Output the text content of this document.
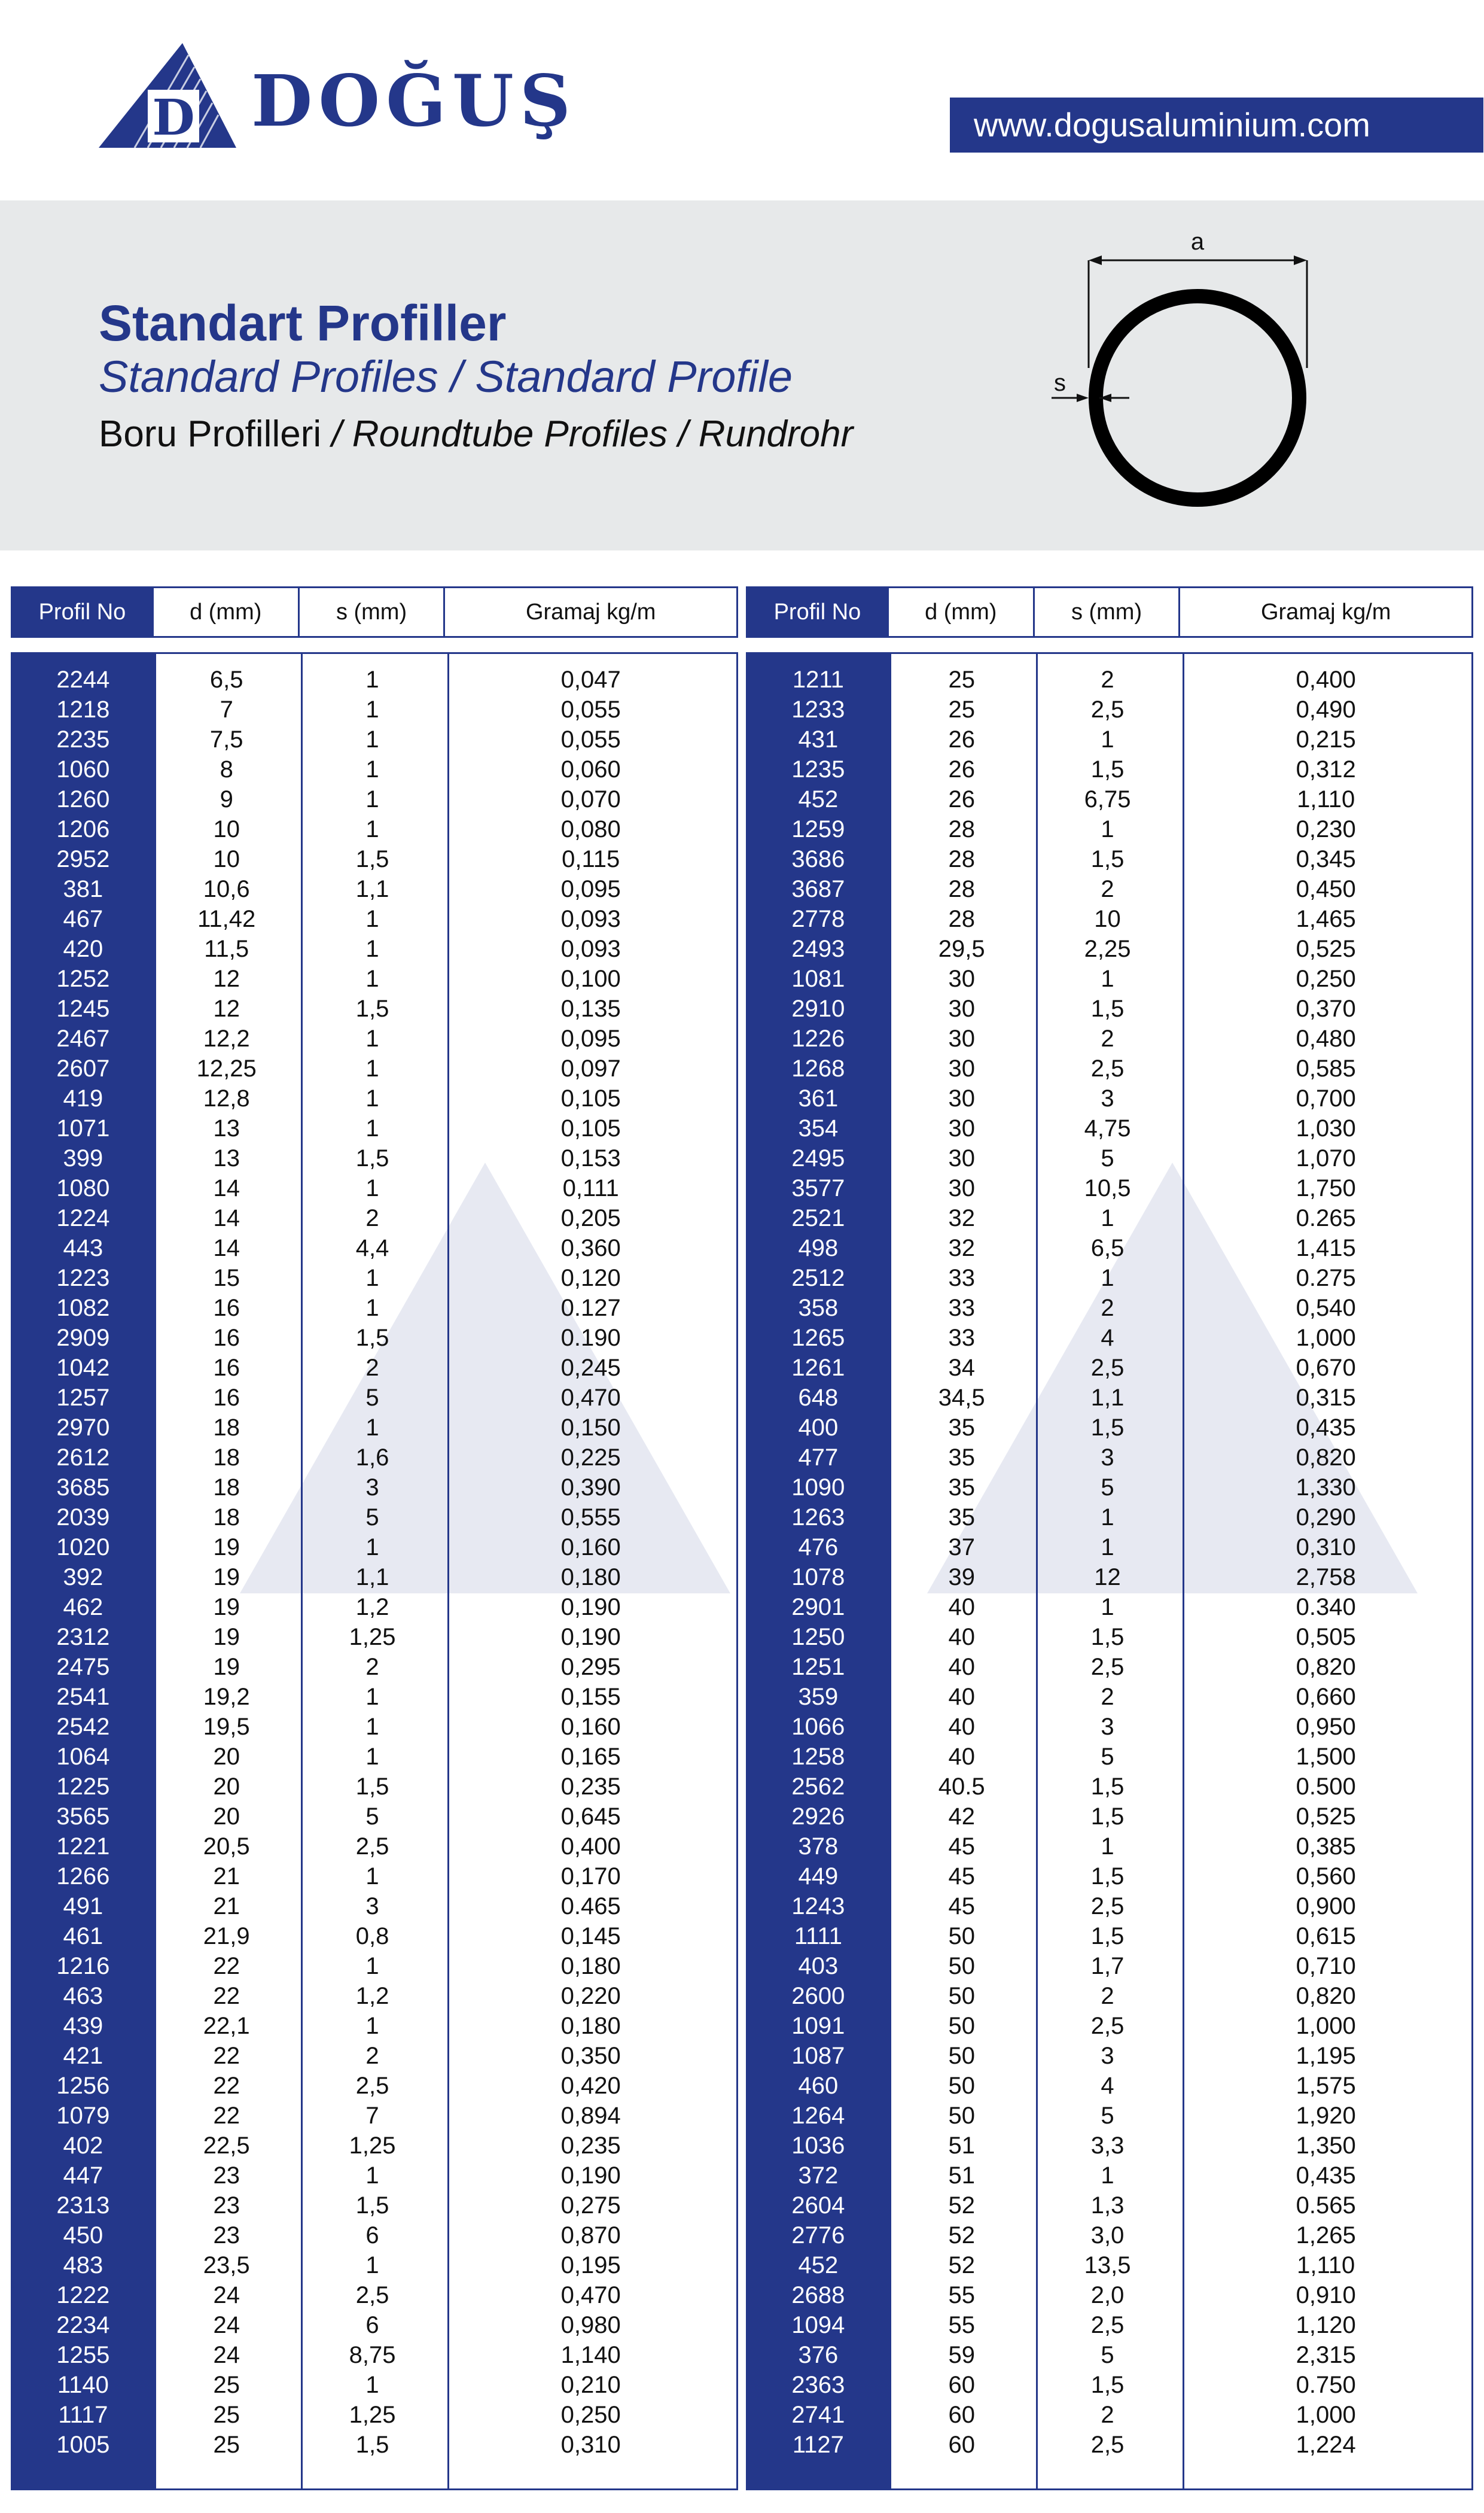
D DOĞUŞ	www.dogusaluminium.com
Standart Profiller
Standard Profiles / Standard Profile
Boru Profilleri / Roundtube Profiles / Rundrohr
a
s
Profil No	d (mm)	s (mm)	Gramaj kg/m
2244	6,5	1	0,047
1218	7	1	0,055
2235	7,5	1	0,055
1060	8	1	0,060
1260	9	1	0,070
1206	10	1	0,080
2952	10	1,5	0,115
381	10,6	1,1	0,095
467	11,42	1	0,093
420	11,5	1	0,093
1252	12	1	0,100
1245	12	1,5	0,135
2467	12,2	1	0,095
2607	12,25	1	0,097
419	12,8	1	0,105
1071	13	1	0,105
399	13	1,5	0,153
1080	14	1	0,111
1224	14	2	0,205
443	14	4,4	0,360
1223	15	1	0,120
1082	16	1	0.127
2909	16	1,5	0.190
1042	16	2	0,245
1257	16	5	0,470
2970	18	1	0,150
2612	18	1,6	0,225
3685	18	3	0,390
2039	18	5	0,555
1020	19	1	0,160
392	19	1,1	0,180
462	19	1,2	0,190
2312	19	1,25	0,190
2475	19	2	0,295
2541	19,2	1	0,155
2542	19,5	1	0,160
1064	20	1	0,165
1225	20	1,5	0,235
3565	20	5	0,645
1221	20,5	2,5	0,400
1266	21	1	0,170
491	21	3	0.465
461	21,9	0,8	0,145
1216	22	1	0,180
463	22	1,2	0,220
439	22,1	1	0,180
421	22	2	0,350
1256	22	2,5	0,420
1079	22	7	0,894
402	22,5	1,25	0,235
447	23	1	0,190
2313	23	1,5	0,275
450	23	6	0,870
483	23,5	1	0,195
1222	24	2,5	0,470
2234	24	6	0,980
1255	24	8,75	1,140
1140	25	1	0,210
1117	25	1,25	0,250
1005	25	1,5	0,310
Profil No	d (mm)	s (mm)	Gramaj kg/m
1211	25	2	0,400
1233	25	2,5	0,490
431	26	1	0,215
1235	26	1,5	0,312
452	26	6,75	1,110
1259	28	1	0,230
3686	28	1,5	0,345
3687	28	2	0,450
2778	28	10	1,465
2493	29,5	2,25	0,525
1081	30	1	0,250
2910	30	1,5	0,370
1226	30	2	0,480
1268	30	2,5	0,585
361	30	3	0,700
354	30	4,75	1,030
2495	30	5	1,070
3577	30	10,5	1,750
2521	32	1	0.265
498	32	6,5	1,415
2512	33	1	0.275
358	33	2	0,540
1265	33	4	1,000
1261	34	2,5	0,670
648	34,5	1,1	0,315
400	35	1,5	0,435
477	35	3	0,820
1090	35	5	1,330
1263	35	1	0,290
476	37	1	0,310
1078	39	12	2,758
2901	40	1	0.340
1250	40	1,5	0,505
1251	40	2,5	0,820
359	40	2	0,660
1066	40	3	0,950
1258	40	5	1,500
2562	40.5	1,5	0.500
2926	42	1,5	0,525
378	45	1	0,385
449	45	1,5	0,560
1243	45	2,5	0,900
1111	50	1,5	0,615
403	50	1,7	0,710
2600	50	2	0,820
1091	50	2,5	1,000
1087	50	3	1,195
460	50	4	1,575
1264	50	5	1,920
1036	51	3,3	1,350
372	51	1	0,435
2604	52	1,3	0.565
2776	52	3,0	1,265
452	52	13,5	1,110
2688	55	2,0	0,910
1094	55	2,5	1,120
376	59	5	2,315
2363	60	1,5	0.750
2741	60	2	1,000
1127	60	2,5	1,224
